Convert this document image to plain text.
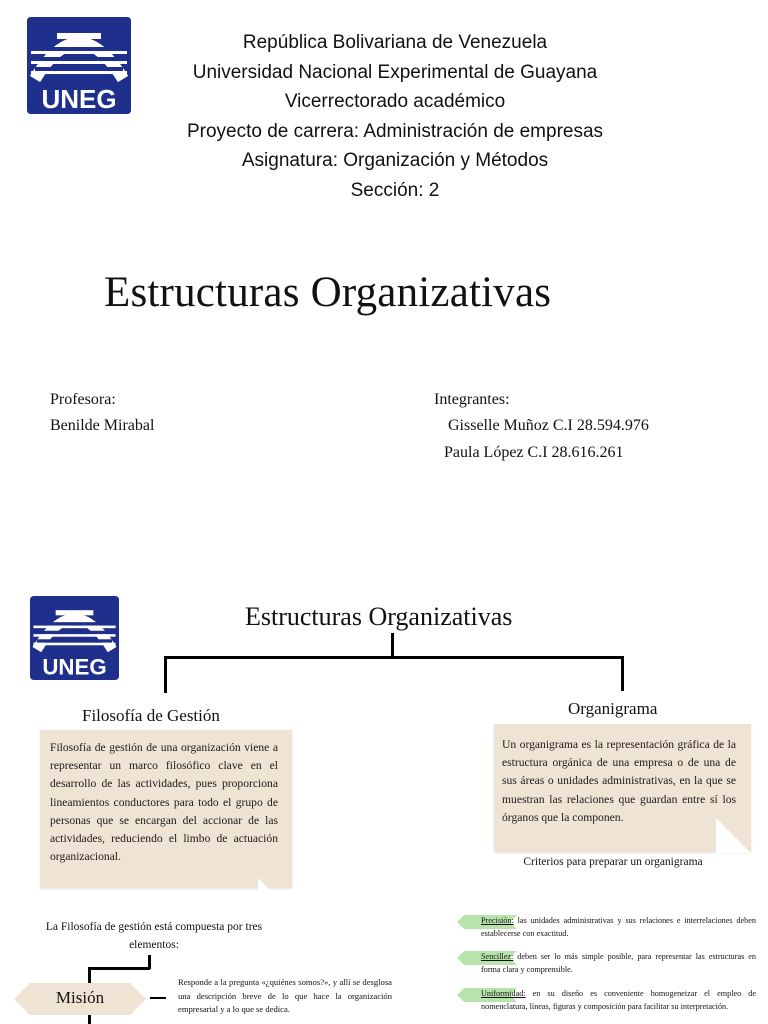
UNEG
República Bolivariana de Venezuela
Universidad Nacional Experimental de Guayana
Vicerrectorado académico
Proyecto de carrera: Administración de empresas
Asignatura: Organización y Métodos
Sección: 2
Estructuras Organizativas
Profesora:
Benilde Mirabal
Integrantes:
Gisselle Muñoz C.I 28.594.976
Paula López C.I 28.616.261
UNEG
Estructuras Organizativas
Filosofía de Gestión
Filosofía de gestión de una organización viene a representar un marco filosófico clave en el desarrollo de las actividades, pues proporciona lineamientos conductores para todo el grupo de personas que se encargan del accionar de las actividades, reduciendo el limbo de actuación organizacional.
La Filosofía de gestión está compuesta por tres elementos:
Misión
Responde a la pregunta «¿quiénes somos?», y allí se desglosa una descripción breve de lo que hace la organización empresarial y a lo que se dedica.
Organigrama
Un organigrama es la representación gráfica de la estructura orgánica de una empresa o de una de sus áreas o unidades administrativas, en la que se muestran las relaciones que guardan entre sí los órganos que la componen.
Criterios para preparar un organigrama
Precisión: las unidades administrativas y sus relaciones e interrelaciones deben establecerse con exactitud.
Sencillez: deben ser lo más simple posible, para representar las estructuras en forma clara y comprensible.
Uniformidad: en su diseño es conveniente homogeneizar el empleo de nomenclatura, líneas, figuras y composición para facilitar su interpretación.
